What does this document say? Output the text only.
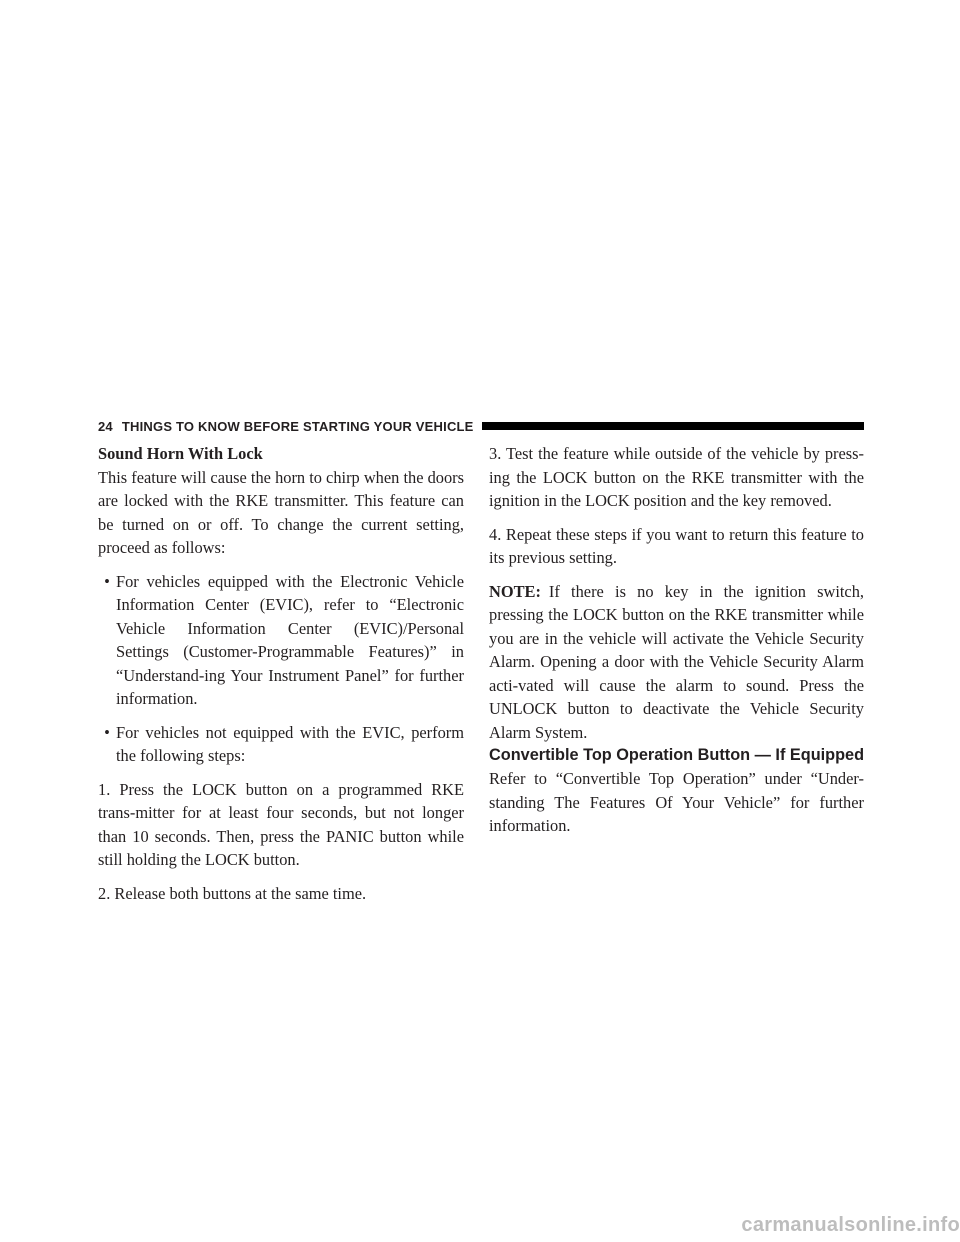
24 THINGS TO KNOW BEFORE STARTING YOUR VEHICLE

Sound Horn With Lock

This feature will cause the horn to chirp when the doors are locked with the RKE transmitter. This feature can be turned on or off. To change the current setting, proceed as follows:

• For vehicles equipped with the Electronic Vehicle Information Center (EVIC), refer to “Electronic Vehicle Information Center (EVIC)/Personal Settings (Customer-Programmable Features)” in “Understand-ing Your Instrument Panel” for further information.
• For vehicles not equipped with the EVIC, perform the following steps:

1. Press the LOCK button on a programmed RKE trans-mitter for at least four seconds, but not longer than 10 seconds. Then, press the PANIC button while still holding the LOCK button.

2. Release both buttons at the same time.

3. Test the feature while outside of the vehicle by press-ing the LOCK button on the RKE transmitter with the ignition in the LOCK position and the key removed.

4. Repeat these steps if you want to return this feature to its previous setting.

NOTE: If there is no key in the ignition switch, pressing the LOCK button on the RKE transmitter while you are in the vehicle will activate the Vehicle Security Alarm. Opening a door with the Vehicle Security Alarm acti-vated will cause the alarm to sound. Press the UNLOCK button to deactivate the Vehicle Security Alarm System.

Convertible Top Operation Button — If Equipped

Refer to “Convertible Top Operation” under “Under-standing The Features Of Your Vehicle” for further information.

carmanualsonline.info
